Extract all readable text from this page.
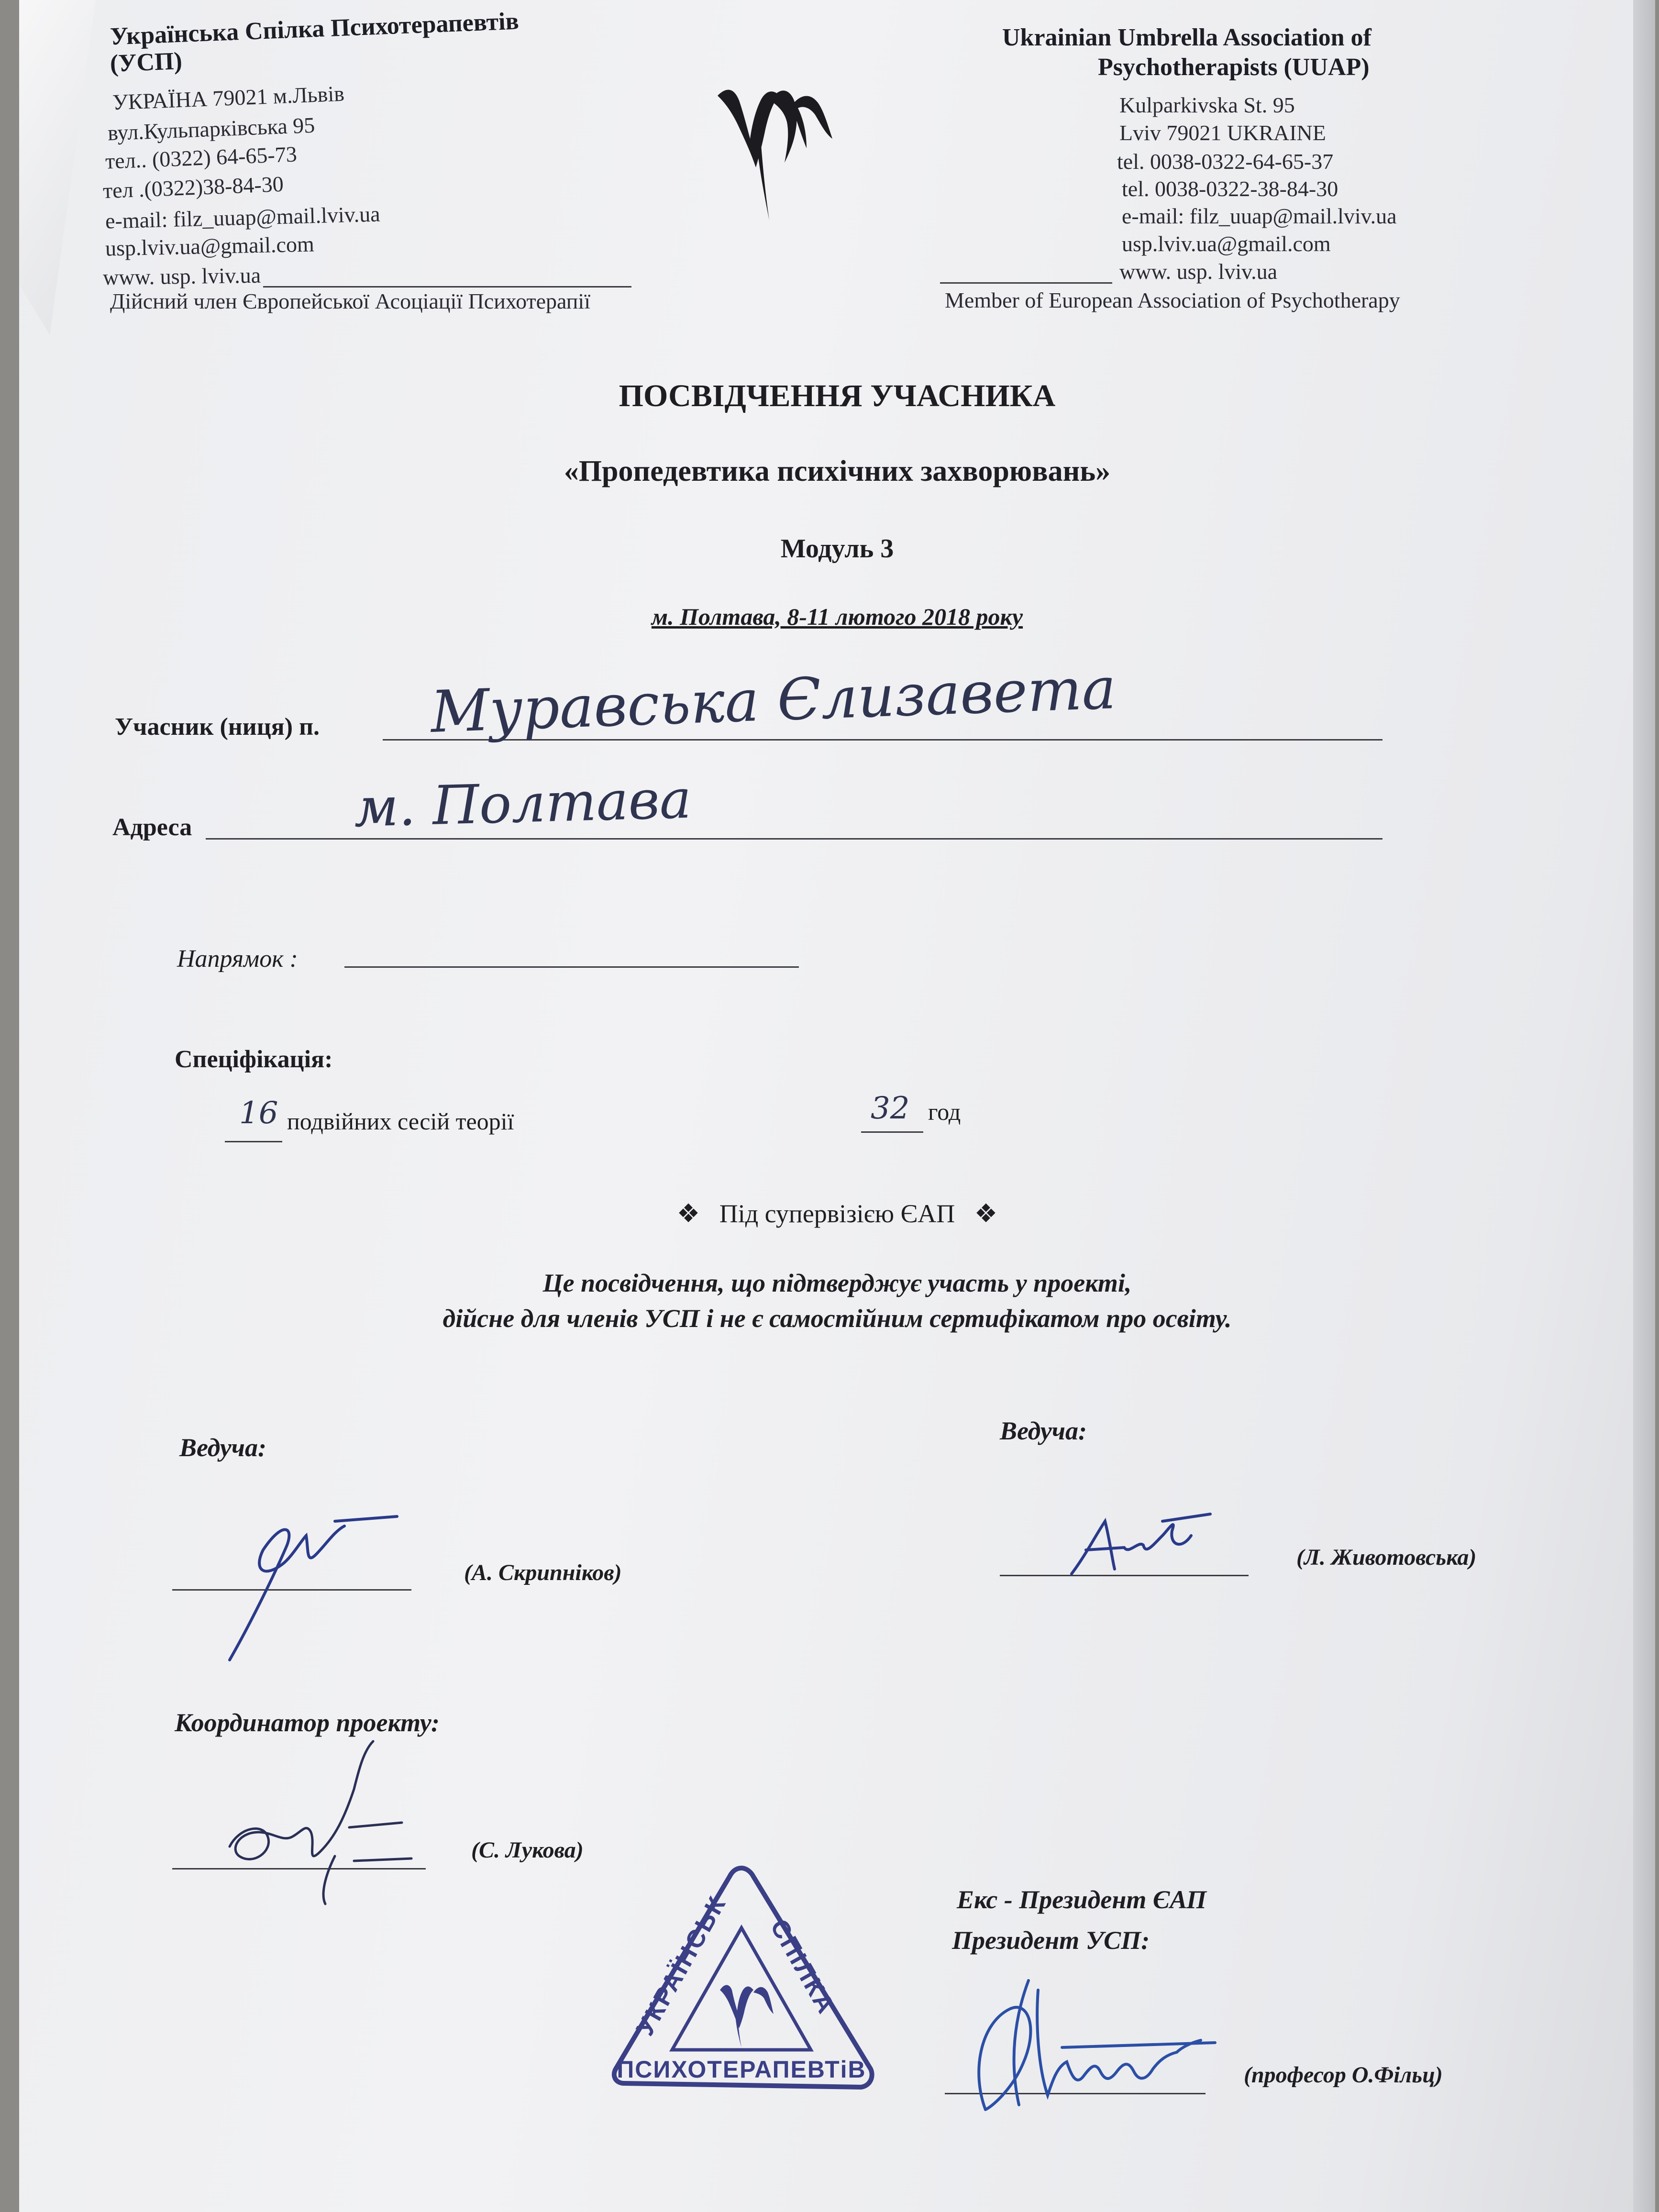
Українська Спілка Психотерапевтів
(УСП)
УКРАЇНА 79021 м.Львів
вул.Кульпарківська 95
тел.. (0322) 64-65-73
тел .(0322)38-84-30
e-mail: filz_uuap@mail.lviv.ua
usp.lviv.ua@gmail.com
www. usp. lviv.ua
Дійсний член Європейської Асоціації Психотерапії
Ukrainian Umbrella Association of
Psychotherapists (UUAP)
Kulparkivska St. 95
Lviv 79021 UKRAINE
tel. 0038-0322-64-65-37
tel. 0038-0322-38-84-30
e-mail: filz_uuap@mail.lviv.ua
usp.lviv.ua@gmail.com
www. usp. lviv.ua
Member of European Association of Psychotherapy
ПОСВІДЧЕННЯ УЧАСНИКА
«Пропедевтика психічних захворювань»
Модуль 3
м. Полтава, 8-11 лютого 2018 року
Учасник (ниця) п. Муравська Єлизавета
Адреса	м. Полтава
Напрямок :
Спеціфікація:
16 подвійних сесій теорії	32 год
❖ Під супервізією ЄАП ❖
Це посвідчення, що підтверджує участь у проекті,
дійсне для членів УСП і не є самостійним сертифікатом про освіту.
Ведуча:
(А. Скрипніков)
Ведуча:
(Л. Животовська)
Координатор проекту:
(С. Лукова)
УКРАЇНСЬКА
СПІЛКА
ПСИХОТЕРАПЕВТіВ
Екс - Президент ЄАП
Президент УСП:
(професор О.Фільц)
